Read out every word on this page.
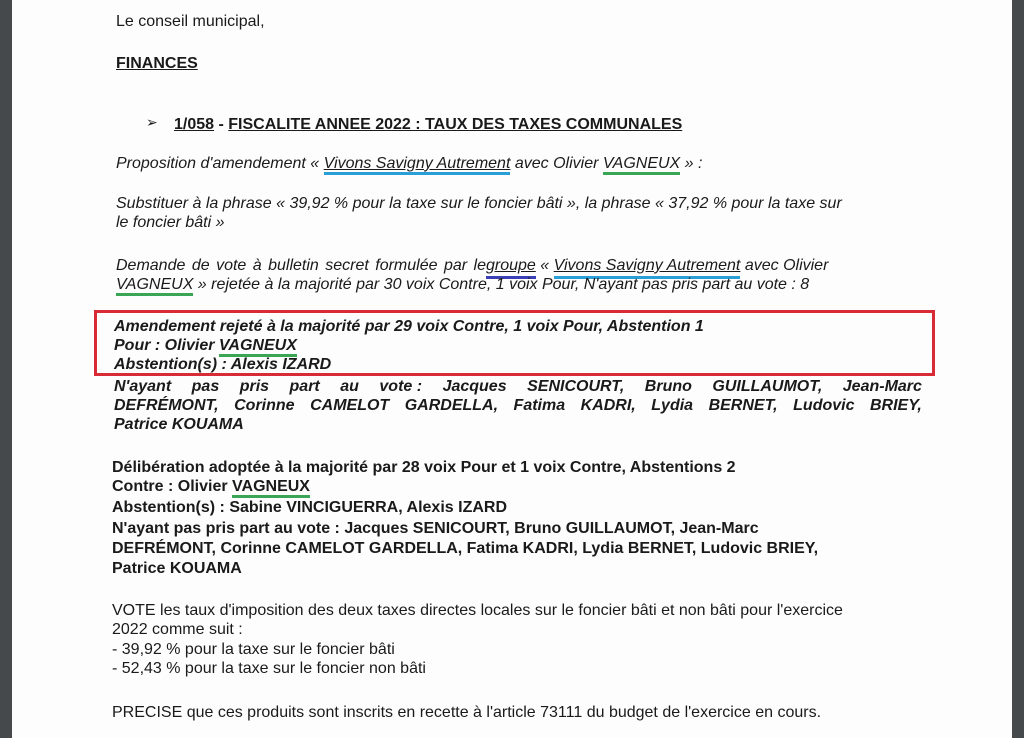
Le conseil municipal,
FINANCES
➢ 1/058 - FISCALITE ANNEE 2022 : TAUX DES TAXES COMMUNALES
Proposition d'amendement « Vivons Savigny Autrement avec Olivier VAGNEUX » :
Substituer à la phrase « 39,92 % pour la taxe sur le foncier bâti », la phrase « 37,92 % pour la taxe sur
le foncier bâti »
Demande de vote à bulletin secret formulée par le groupe « Vivons Savigny Autrement avec Olivier
VAGNEUX » rejetée à la majorité par 30 voix Contre, 1 voix Pour, N'ayant pas pris part au vote : 8
Amendement rejeté à la majorité par 29 voix Contre, 1 voix Pour, Abstention 1
Pour : Olivier VAGNEUX
Abstention(s) : Alexis IZARD
N'ayant pas pris part au vote : Jacques SENICOURT, Bruno GUILLAUMOT, Jean-Marc
DEFRÉMONT, Corinne CAMELOT GARDELLA, Fatima KADRI, Lydia BERNET, Ludovic BRIEY,
Patrice KOUAMA
Délibération adoptée à la majorité par 28 voix Pour et 1 voix Contre, Abstentions 2
Contre : Olivier VAGNEUX
Abstention(s) : Sabine VINCIGUERRA, Alexis IZARD
N'ayant pas pris part au vote : Jacques SENICOURT, Bruno GUILLAUMOT, Jean-Marc
DEFRÉMONT, Corinne CAMELOT GARDELLA, Fatima KADRI, Lydia BERNET, Ludovic BRIEY,
Patrice KOUAMA
VOTE les taux d'imposition des deux taxes directes locales sur le foncier bâti et non bâti pour l'exercice
2022 comme suit :
- 39,92 % pour la taxe sur le foncier bâti
- 52,43 % pour la taxe sur le foncier non bâti
PRECISE que ces produits sont inscrits en recette à l'article 73111 du budget de l'exercice en cours.
